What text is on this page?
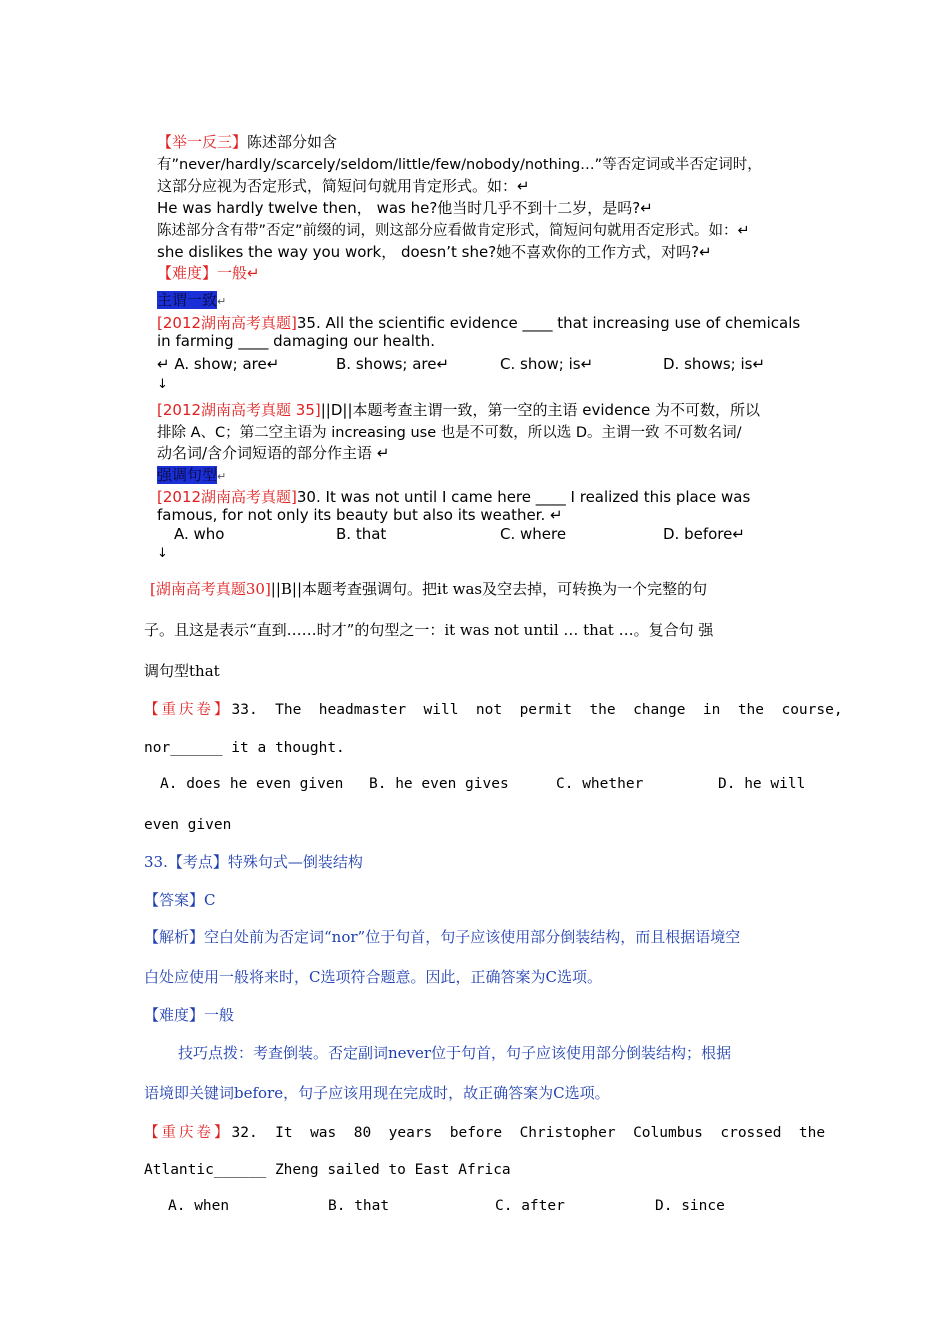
【举一反三】陈述部分如含
有”never/hardly/scarcely/seldom/little/few/nobody/nothing…”等否定词或半否定词时，
这部分应视为否定形式，简短问句就用肯定形式。如：↵
He was hardly twelve then， was he?他当时几乎不到十二岁，是吗?↵
陈述部分含有带”否定”前缀的词，则这部分应看做肯定形式，简短问句就用否定形式。如：↵
she dislikes the way you work， doesn’t she?她不喜欢你的工作方式，对吗?↵
【难度】一般↵
主谓一致↵
[2012湖南高考真题]35. All the scientific evidence ____ that increasing use of chemicals
in farming ____ damaging our health.
↵ A. show; are↵	B. shows; are↵	C. show; is↵	D. shows; is↵
↓
[2012湖南高考真题 35]||D||本题考查主谓一致，第一空的主语 evidence 为不可数，所以
排除 A、C；第二空主语为 increasing use 也是不可数，所以选 D。主谓一致 不可数名词/
动名词/含介词短语的部分作主语 ↵
强调句型↵
[2012湖南高考真题]30. It was not until I came here ____ I realized this place was
famous, for not only its beauty but also its weather. ↵
A. who	B. that	C. where	D. before↵
↓
[湖南高考真题30]||B||本题考查强调句。把it was及空去掉，可转换为一个完整的句
子。且这是表示“直到……时才”的句型之一：it was not until … that …。复合句 强
调句型that
【重庆卷】33.  The  headmaster  will  not  permit  the  change  in  the  course,
nor______ it a thought.
A. does he even given B. he even gives	C. whether	D. he will
even given
33.【考点】特殊句式—倒装结构
【答案】C
【解析】空白处前为否定词“nor”位于句首，句子应该使用部分倒装结构，而且根据语境空
白处应使用一般将来时，C选项符合题意。因此，正确答案为C选项。
【难度】一般
技巧点拨：考查倒装。否定副词never位于句首，句子应该使用部分倒装结构；根据
语境即关键词before，句子应该用现在完成时，故正确答案为C选项。
【重庆卷】32.  It  was  80  years  before  Christopher  Columbus  crossed  the
Atlantic______ Zheng sailed to East Africa
A. when	B. that	C. after	D. since
